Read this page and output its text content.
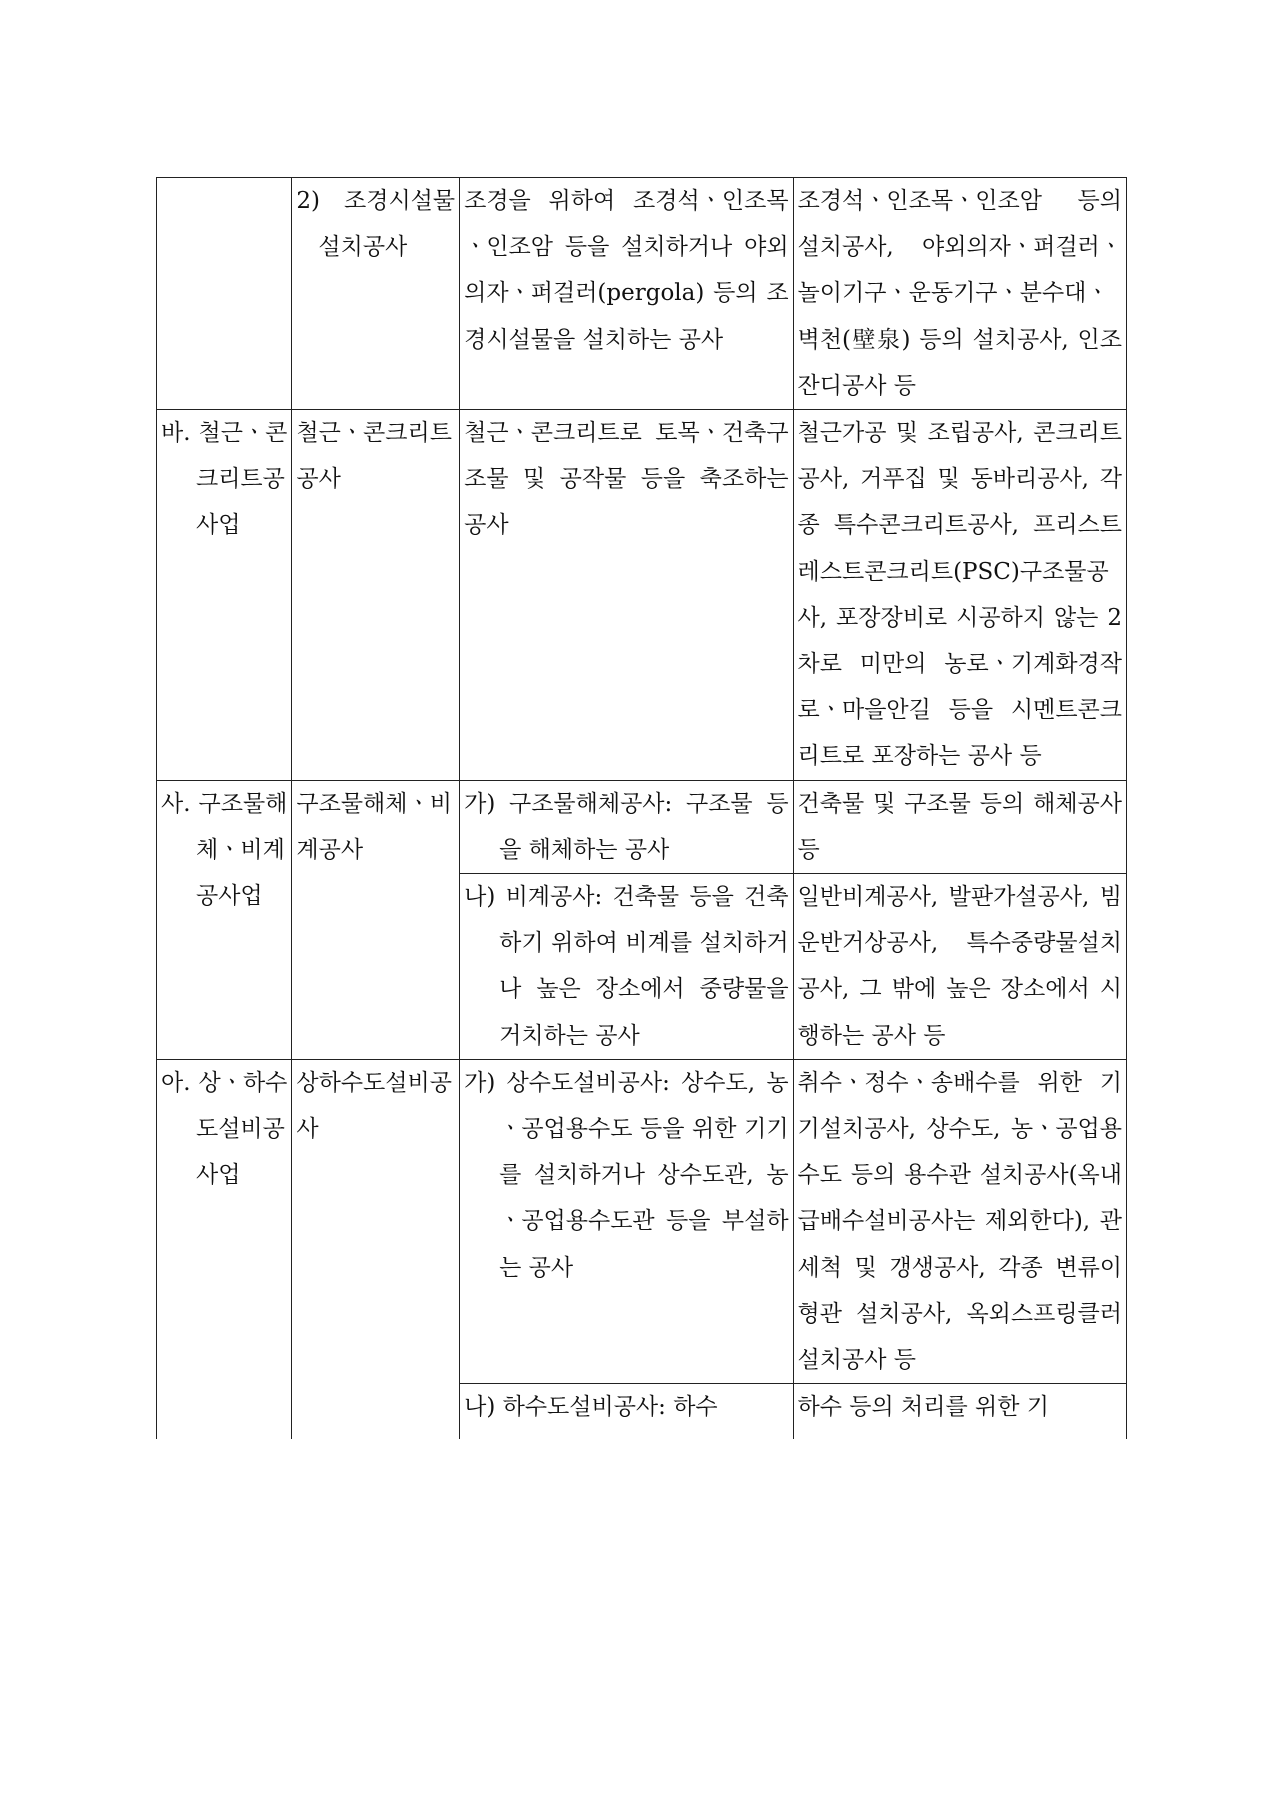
	2) 조경시설물설치공사	조경을 위하여 조경석ㆍ인조목ㆍ인조암 등을 설치하거나 야외의자ㆍ퍼걸러(pergola) 등의 조경시설물을 설치하는 공사	조경석ㆍ인조목ㆍ인조암 등의 설치공사, 야외의자ㆍ퍼걸러ㆍ놀이기구ㆍ운동기구ㆍ분수대ㆍ벽천(壁泉) 등의 설치공사, 인조잔디공사 등

바. 철근ㆍ콘크리트공사업	철근ㆍ콘크리트공사	철근ㆍ콘크리트로 토목ㆍ건축구조물 및 공작물 등을 축조하는 공사	철근가공 및 조립공사, 콘크리트공사, 거푸집 및 동바리공사, 각종 특수콘크리트공사, 프리스트레스트콘크리트(PSC)구조물공사, 포장장비로 시공하지 않는 2차로 미만의 농로ㆍ기계화경작로ㆍ마을안길 등을 시멘트콘크리트로 포장하는 공사 등

사. 구조물해체ㆍ비계공사업	구조물해체ㆍ비계공사	가) 구조물해체공사: 구조물 등을 해체하는 공사	건축물 및 구조물 등의 해체공사 등

		나) 비계공사: 건축물 등을 건축하기 위하여 비계를 설치하거나 높은 장소에서 중량물을 거치하는 공사	일반비계공사, 발판가설공사, 빔운반거상공사, 특수중량물설치공사, 그 밖에 높은 장소에서 시행하는 공사 등

아. 상ㆍ하수도설비공사업	상하수도설비공사	가) 상수도설비공사: 상수도, 농ㆍ공업용수도 등을 위한 기기를 설치하거나 상수도관, 농ㆍ공업용수도관 등을 부설하는 공사	취수ㆍ정수ㆍ송배수를 위한 기기설치공사, 상수도, 농ㆍ공업용수도 등의 용수관 설치공사(옥내급배수설비공사는 제외한다), 관세척 및 갱생공사, 각종 변류이형관 설치공사, 옥외스프링클러 설치공사 등

		나) 하수도설비공사: 하수	하수 등의 처리를 위한 기
